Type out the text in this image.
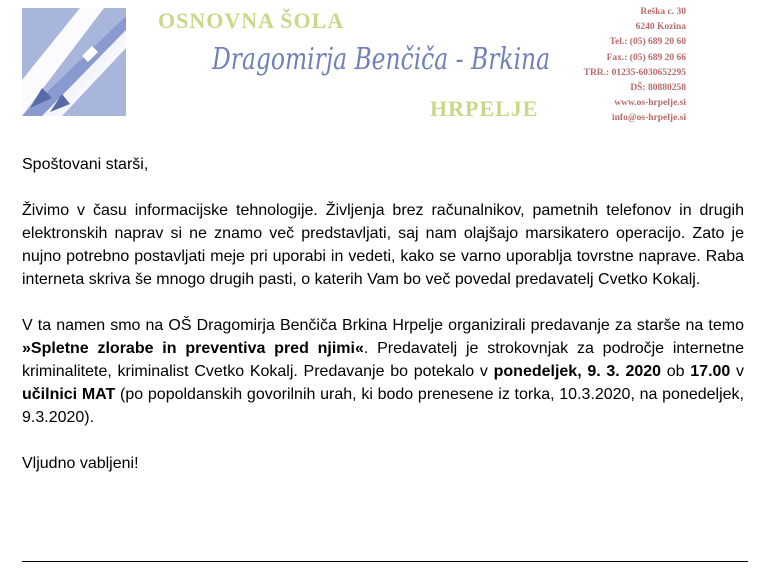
OSNOVNA ŠOLA
Dragomirja Benčiča - Brkina
HRPELJE
Reška c. 30
6240 Kozina
Tel.: (05) 689 20 60
Fax.: (05) 689 20 66
TRR.: 01235-6030652295
DŠ: 80880258
www.os-hrpelje.si
info@os-hrpelje.si

Spoštovani starši,

Živimo v času informacijske tehnologije. Življenja brez računalnikov, pametnih telefonov in drugih elektronskih naprav si ne znamo več predstavljati, saj nam olajšajo marsikatero operacijo. Zato je nujno potrebno postavljati meje pri uporabi in vedeti, kako se varno uporablja tovrstne naprave. Raba interneta skriva še mnogo drugih pasti, o katerih Vam bo več povedal predavatelj Cvetko Kokalj.

V ta namen smo na OŠ Dragomirja Benčiča Brkina Hrpelje organizirali predavanje za starše na temo »Spletne zlorabe in preventiva pred njimi«. Predavatelj je strokovnjak za področje internetne kriminalitete, kriminalist Cvetko Kokalj. Predavanje bo potekalo v ponedeljek, 9. 3. 2020 ob 17.00 v učilnici MAT (po popoldanskih govorilnih urah, ki bodo prenesene iz torka, 10.3.2020, na ponedeljek, 9.3.2020).

Vljudno vabljeni!
